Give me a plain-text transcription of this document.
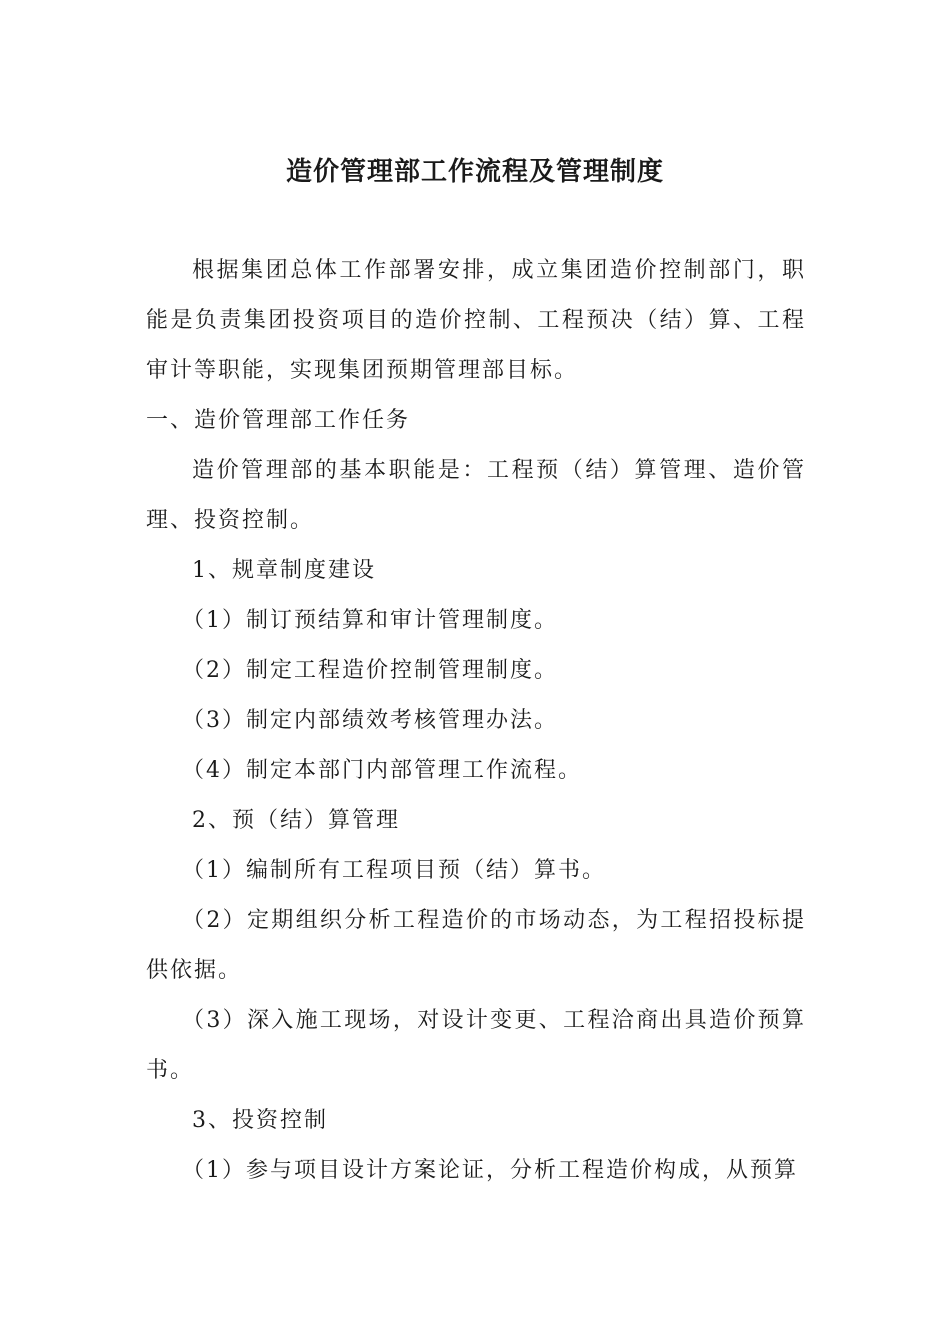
造价管理部工作流程及管理制度

根据集团总体工作部署安排，成立集团造价控制部门，职能是负责集团投资项目的造价控制、工程预决（结）算、工程审计等职能，实现集团预期管理部目标。

一、造价管理部工作任务

造价管理部的基本职能是：工程预（结）算管理、造价管理、投资控制。

1、规章制度建设

（1）制订预结算和审计管理制度。

（2）制定工程造价控制管理制度。

（3）制定内部绩效考核管理办法。

（4）制定本部门内部管理工作流程。

2、预（结）算管理

（1）编制所有工程项目预（结）算书。

（2）定期组织分析工程造价的市场动态，为工程招投标提供依据。

（3）深入施工现场，对设计变更、工程洽商出具造价预算书。

3、投资控制

（1）参与项目设计方案论证，分析工程造价构成，从预算
